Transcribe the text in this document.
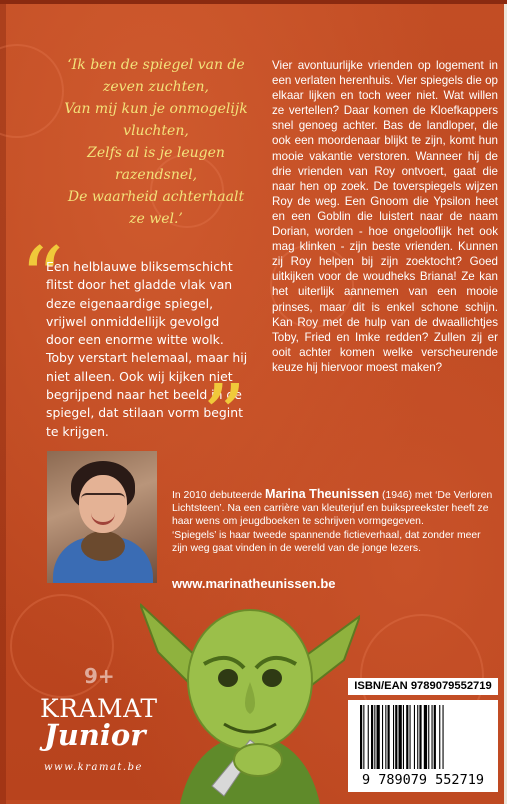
‘Ik ben de spiegel van de
zeven zuchten,
Van mij kun je onmogelijk
vluchten,
Zelfs al is je leugen
razendsnel,
De waarheid achterhaalt
ze wel.’
“
Een helblauwe bliksemschicht flitst door het gladde vlak van deze eigenaardige spiegel, vrijwel onmiddellijk gevolgd door een enorme witte wolk. Toby verstart helemaal, maar hij niet alleen. Ook wij kijken niet begrijpend naar het beeld in de spiegel, dat stilaan vorm begint te krijgen.	”
Vier avontuurlijke vrienden op logement in een verlaten herenhuis. Vier spiegels die op elkaar lijken en toch weer niet. Wat willen ze vertellen? Daar komen de Kloefkappers snel genoeg achter. Bas de landloper, die ook een moordenaar blijkt te zijn, komt hun mooie vakantie verstoren. Wanneer hij de drie vrienden van Roy ontvoert, gaat die naar hen op zoek. De toverspiegels wijzen Roy de weg. Een Gnoom die Ypsilon heet en een Goblin die luistert naar de naam Dorian, worden - hoe ongelooflijk het ook mag klinken - zijn beste vrienden. Kunnen zij Roy helpen bij zijn zoektocht? Goed uitkijken voor de woudheks Briana! Ze kan het uiterlijk aannemen van een mooie prinses, maar dit is enkel schone schijn. Kan Roy met de hulp van de dwaallichtjes Toby, Fried en Imke redden? Zullen zij er ooit achter komen welke verscheurende keuze hij hiervoor moest maken?

In 2010 debuteerde Marina Theunissen (1946) met ‘De Verloren Lichtsteen’. Na een carrière van kleuterjuf en buikspreekster heeft ze haar wens om jeugdboeken te schrijven vormgegeven.

‘Spiegels’ is haar tweede spannende fictieverhaal, dat zonder meer zijn weg gaat vinden in de wereld van de jonge lezers.

www.marinatheunissen.be
9+
KRAMAT
Junior
www.kramat.be
ISBN/EAN 9789079552719
9 789079 552719
